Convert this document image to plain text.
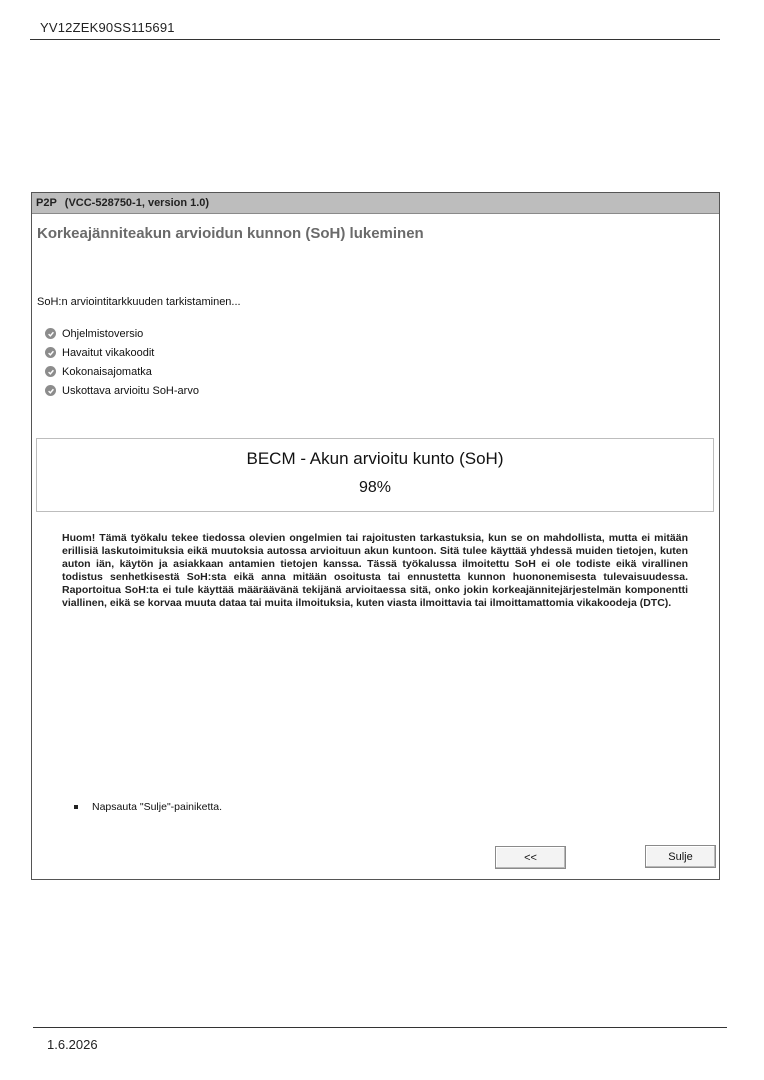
YV12ZEK90SS115691
P2P (VCC-528750-1, version 1.0)
Korkeajänniteakun arvioidun kunnon (SoH) lukeminen
SoH:n arviointitarkkuuden tarkistaminen...
Ohjelmistoversio
Havaitut vikakoodit
Kokonaisajomatka
Uskottava arvioitu SoH-arvo
BECM - Akun arvioitu kunto (SoH)
98%
Huom! Tämä työkalu tekee tiedossa olevien ongelmien tai rajoitusten tarkastuksia, kun se on mahdollista, mutta ei mitään erillisiä laskutoimituksia eikä muutoksia autossa arvioituun akun kuntoon. Sitä tulee käyttää yhdessä muiden tietojen, kuten auton iän, käytön ja asiakkaan antamien tietojen kanssa. Tässä työkalussa ilmoitettu SoH ei ole todiste eikä virallinen todistus senhetkisestä SoH:sta eikä anna mitään osoitusta tai ennustetta kunnon huononemisesta tulevaisuudessa. Raportoitua SoH:ta ei tule käyttää määräävänä tekijänä arvioitaessa sitä, onko jokin korkeajännitejärjestelmän komponentti viallinen, eikä se korvaa muuta dataa tai muita ilmoituksia, kuten viasta ilmoittavia tai ilmoittamattomia vikakoodeja (DTC).
Napsauta "Sulje"-painiketta.
<<	Sulje
1.6.2026
